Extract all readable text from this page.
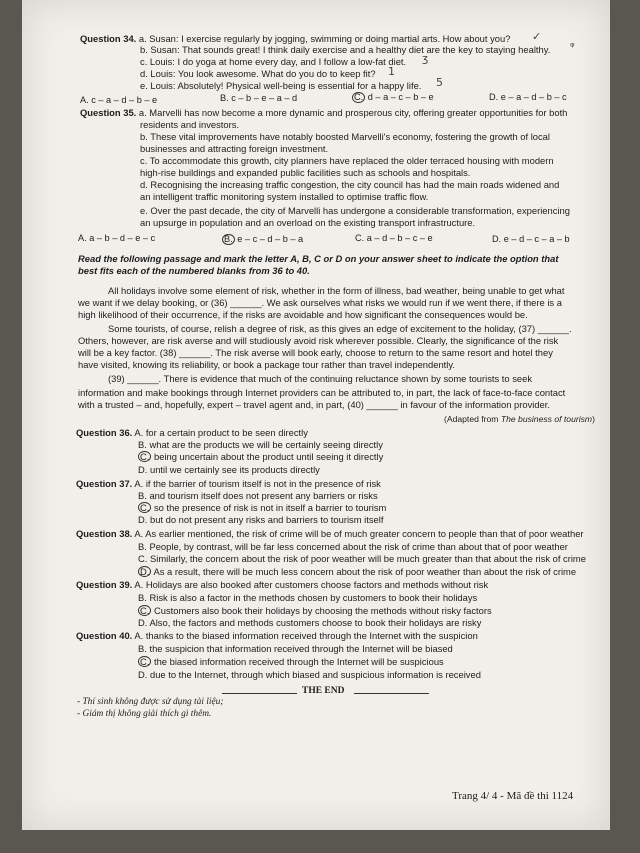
Question 34. a. Susan: I exercise regularly by jogging, swimming or doing martial arts. How about you? ✓
b. Susan: That sounds great! I think daily exercise and a healthy diet are the key to staying healthy. ᵠ
c. Louis: I do yoga at home every day, and I follow a low-fat diet. ʒ
d. Louis: You look awesome. What do you do to keep fit? 1
e. Louis: Absolutely! Physical well-being is essential for a happy life. 5
A. c – a – d – b – e	B. c – b – e – a – d	C. d – a – c – b – e	D. e – a – d – b – c
Question 35. a. Marvelli has now become a more dynamic and prosperous city, offering greater opportunities for both
residents and investors.
b. These vital improvements have notably boosted Marvelli's economy, fostering the growth of local
businesses and attracting foreign investment.
c. To accommodate this growth, city planners have replaced the older terraced housing with modern
high-rise buildings and expanded public facilities such as schools and hospitals.
d. Recognising the increasing traffic congestion, the city council has had the main roads widened and
an intelligent traffic monitoring system installed to optimise traffic flow.
e. Over the past decade, the city of Marvelli has undergone a considerable transformation, experiencing
an upsurge in population and an overload on the existing transport infrastructure.
A. a – b – d – e – c	B. e – c – d – b – a	C. a – d – b – c – e	D. e – d – c – a – b
Read the following passage and mark the letter A, B, C or D on your answer sheet to indicate the option that
best fits each of the numbered blanks from 36 to 40.
All holidays involve some element of risk, whether in the form of illness, bad weather, being unable to get what
we want if we delay booking, or (36) ______. We ask ourselves what risks we would run if we went there, if there is a
high likelihood of their occurrence, if the risks are avoidable and how significant the consequences would be.
Some tourists, of course, relish a degree of risk, as this gives an edge of excitement to the holiday, (37) ______.
Others, however, are risk averse and will studiously avoid risk wherever possible. Clearly, the significance of the risk
will be a key factor. (38) ______. The risk averse will book early, choose to return to the same resort and hotel they
have visited, knowing its reliability, or book a package tour rather than travel independently.
(39) ______. There is evidence that much of the continuing reluctance shown by some tourists to seek
information and make bookings through Internet providers can be attributed to, in part, the lack of face-to-face contact
with a trusted – and, hopefully, expert – travel agent and, in part, (40) ______ in favour of the information provider.
(Adapted from The business of tourism)
Question 36. A. for a certain product to be seen directly
B. what are the products we will be certainly seeing directly
C. being uncertain about the product until seeing it directly
D. until we certainly see its products directly
Question 37. A. if the barrier of tourism itself is not in the presence of risk
B. and tourism itself does not present any barriers or risks
C. so the presence of risk is not in itself a barrier to tourism
D. but do not present any risks and barriers to tourism itself
Question 38. A. As earlier mentioned, the risk of crime will be of much greater concern to people than that of poor weather
B. People, by contrast, will be far less concerned about the risk of crime than about that of poor weather
C. Similarly, the concern about the risk of poor weather will be much greater than that about the risk of crime
D. As a result, there will be much less concern about the risk of poor weather than about the risk of crime
Question 39. A. Holidays are also booked after customers choose factors and methods without risk
B. Risk is also a factor in the methods chosen by customers to book their holidays
C. Customers also book their holidays by choosing the methods without risky factors
D. Also, the factors and methods customers choose to book their holidays are risky
Question 40. A. thanks to the biased information received through the Internet with the suspicion
B. the suspicion that information received through the Internet will be biased
C. the biased information received through the Internet will be suspicious
D. due to the Internet, through which biased and suspicious information is received
THE END
- Thí sinh không được sử dụng tài liệu;
- Giám thị không giải thích gì thêm.
Trang 4/ 4 - Mã đề thi 1124
